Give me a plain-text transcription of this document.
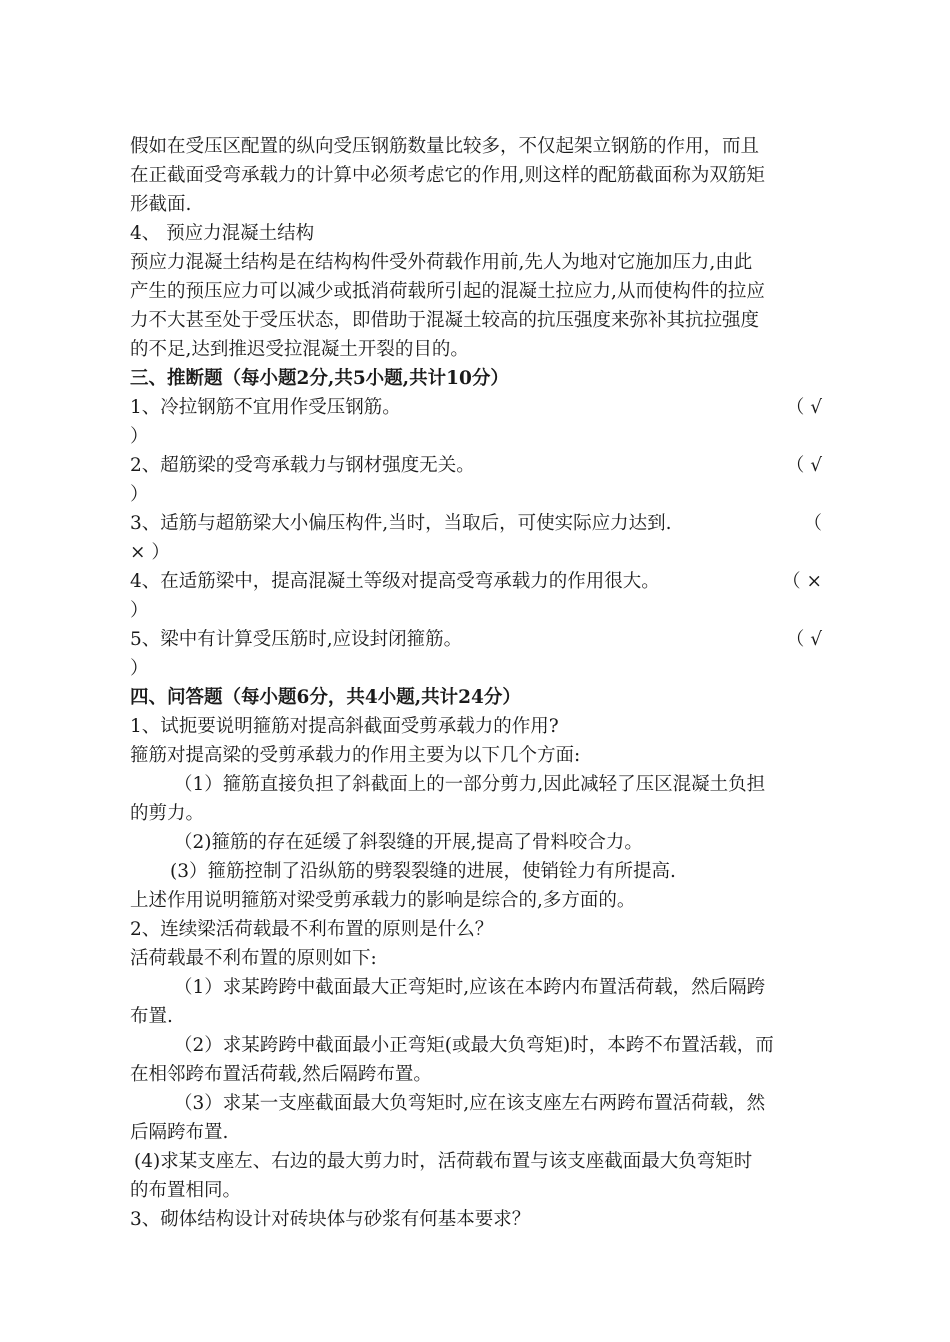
假如在受压区配置的纵向受压钢筋数量比较多，不仅起架立钢筋的作用，而且
在正截面受弯承载力的计算中必须考虑它的作用,则这样的配筋截面称为双筋矩
形截面.
4、 预应力混凝土结构
预应力混凝土结构是在结构构件受外荷载作用前,先人为地对它施加压力,由此
产生的预压应力可以减少或抵消荷载所引起的混凝土拉应力,从而使构件的拉应
力不大甚至处于受压状态，即借助于混凝土较高的抗压强度来弥补其抗拉强度
的不足,达到推迟受拉混凝土开裂的目的。
三、推断题（每小题2分,共5小题,共计10分）
1、冷拉钢筋不宜用作受压钢筋。	（ √
）
2、超筋梁的受弯承载力与钢材强度无关。	（ √
）
3、适筋与超筋梁大小偏压构件,当时，当取后，可使实际应力达到.	（
× ）
4、在适筋梁中，提高混凝土等级对提高受弯承载力的作用很大。	（ ×
）
5、梁中有计算受压筋时,应设封闭箍筋。	（ √
）
四、问答题（每小题6分，共4小题,共计24分）
1、试扼要说明箍筋对提高斜截面受剪承载力的作用?
箍筋对提高梁的受剪承载力的作用主要为以下几个方面:
（1）箍筋直接负担了斜截面上的一部分剪力,因此减轻了压区混凝土负担
的剪力。
（2)箍筋的存在延缓了斜裂缝的开展,提高了骨料咬合力。
(3）箍筋控制了沿纵筋的劈裂裂缝的进展，使销铨力有所提高.
上述作用说明箍筋对梁受剪承载力的影响是综合的,多方面的。
2、连续梁活荷载最不利布置的原则是什么？
活荷载最不利布置的原则如下:
（1）求某跨跨中截面最大正弯矩时,应该在本跨内布置活荷载，然后隔跨
布置.
（2）求某跨跨中截面最小正弯矩(或最大负弯矩)时，本跨不布置活载，而
在相邻跨布置活荷载,然后隔跨布置。
（3）求某一支座截面最大负弯矩时,应在该支座左右两跨布置活荷载，然
后隔跨布置.
(4)求某支座左、右边的最大剪力时，活荷载布置与该支座截面最大负弯矩时
的布置相同。
3、砌体结构设计对砖块体与砂浆有何基本要求？
